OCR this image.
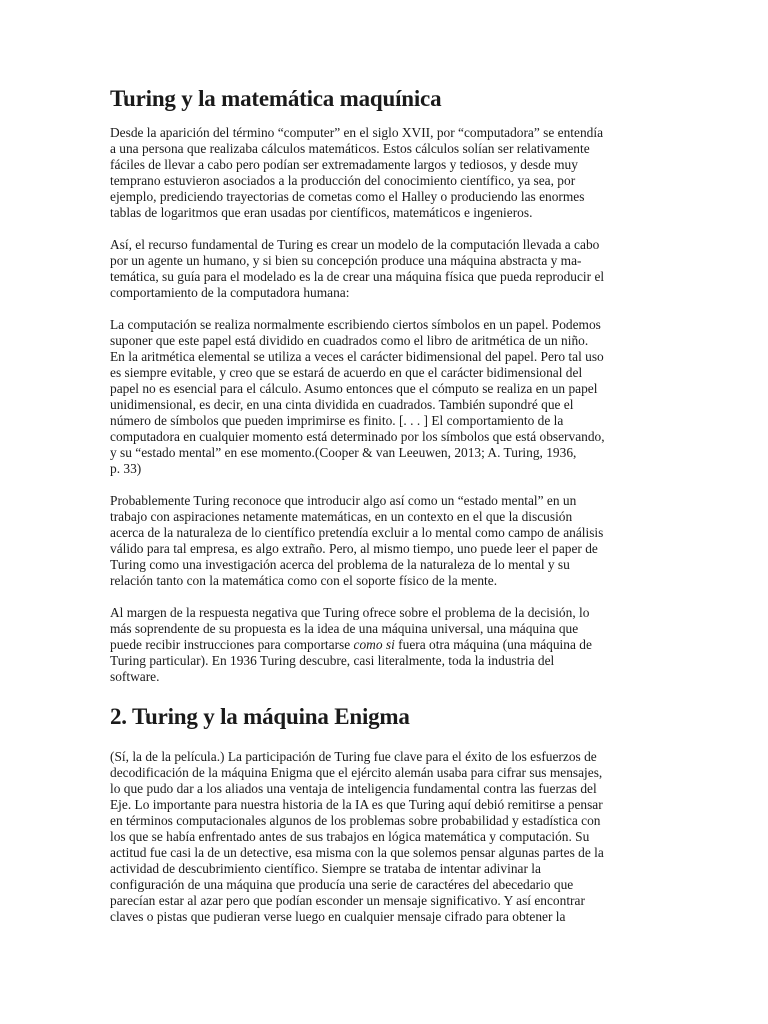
Turing y la matemática maquínica

Desde la aparición del término “computer” en el siglo XVII, por “computadora” se entendía
a una persona que realizaba cálculos matemáticos. Estos cálculos solían ser relativamente
fáciles de llevar a cabo pero podían ser extremadamente largos y tediosos, y desde muy
temprano estuvieron asociados a la producción del conocimiento científico, ya sea, por
ejemplo, prediciendo trayectorias de cometas como el Halley o produciendo las enormes
tablas de logaritmos que eran usadas por científicos, matemáticos e ingenieros.

Así, el recurso fundamental de Turing es crear un modelo de la computación llevada a cabo
por un agente un humano, y si bien su concepción produce una máquina abstracta y ma-
temática, su guía para el modelado es la de crear una máquina física que pueda reproducir el
comportamiento de la computadora humana:

La computación se realiza normalmente escribiendo ciertos símbolos en un papel. Podemos
suponer que este papel está dividido en cuadrados como el libro de aritmética de un niño.
En la aritmética elemental se utiliza a veces el carácter bidimensional del papel. Pero tal uso
es siempre evitable, y creo que se estará de acuerdo en que el carácter bidimensional del
papel no es esencial para el cálculo. Asumo entonces que el cómputo se realiza en un papel
unidimensional, es decir, en una cinta dividida en cuadrados. También supondré que el
número de símbolos que pueden imprimirse es finito. [. . . ] El comportamiento de la
computadora en cualquier momento está determinado por los símbolos que está observando,
y su “estado mental” en ese momento.(Cooper & van Leeuwen, 2013; A. Turing, 1936,
p. 33)

Probablemente Turing reconoce que introducir algo así como un “estado mental” en un
trabajo con aspiraciones netamente matemáticas, en un contexto en el que la discusión
acerca de la naturaleza de lo científico pretendía excluir a lo mental como campo de análisis
válido para tal empresa, es algo extraño. Pero, al mismo tiempo, uno puede leer el paper de
Turing como una investigación acerca del problema de la naturaleza de lo mental y su
relación tanto con la matemática como con el soporte físico de la mente.

Al margen de la respuesta negativa que Turing ofrece sobre el problema de la decisión, lo
más soprendente de su propuesta es la idea de una máquina universal, una máquina que
puede recibir instrucciones para comportarse como si fuera otra máquina (una máquina de
Turing particular). En 1936 Turing descubre, casi literalmente, toda la industria del
software.

2. Turing y la máquina Enigma

(Sí, la de la película.) La participación de Turing fue clave para el éxito de los esfuerzos de
decodificación de la máquina Enigma que el ejército alemán usaba para cifrar sus mensajes,
lo que pudo dar a los aliados una ventaja de inteligencia fundamental contra las fuerzas del
Eje. Lo importante para nuestra historia de la IA es que Turing aquí debió remitirse a pensar
en términos computacionales algunos de los problemas sobre probabilidad y estadística con
los que se había enfrentado antes de sus trabajos en lógica matemática y computación. Su
actitud fue casi la de un detective, esa misma con la que solemos pensar algunas partes de la
actividad de descubrimiento científico. Siempre se trataba de intentar adivinar la
configuración de una máquina que producía una serie de caractéres del abecedario que
parecían estar al azar pero que podían esconder un mensaje significativo. Y así encontrar
claves o pistas que pudieran verse luego en cualquier mensaje cifrado para obtener la
